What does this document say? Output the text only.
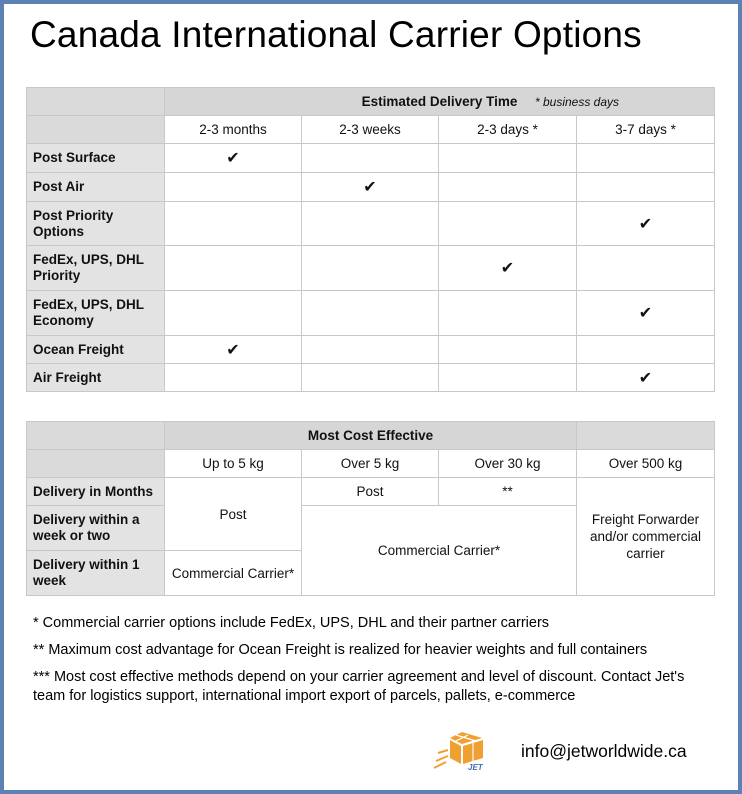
Canada International Carrier Options
	Estimated Delivery Time * business days			

	2-3 months	2-3 weeks	2-3 days *	3-7 days *
Post Surface	✔			
Post Air		✔		
Post Priority Options				✔
FedEx, UPS, DHL Priority			✔	
FedEx, UPS, DHL Economy				✔
Ocean Freight	✔			
Air Freight				✔
	Most Cost Effective			
	Up to 5 kg	Over 5 kg	Over 30 kg	Over 500 kg
Delivery in Months	Post	Post	**	Freight Forwarder and/or commercial carrier
Delivery within a week or two		Commercial Carrier*		
Delivery within 1 week	Commercial Carrier*			
* Commercial carrier options include FedEx, UPS, DHL and their partner carriers
** Maximum cost advantage for Ocean Freight is realized for heavier weights and full containers
*** Most cost effective methods depend on your carrier agreement and level of discount. Contact Jet's team for logistics support, international import export of parcels, pallets, e-commerce
JET
info@jetworldwide.ca
